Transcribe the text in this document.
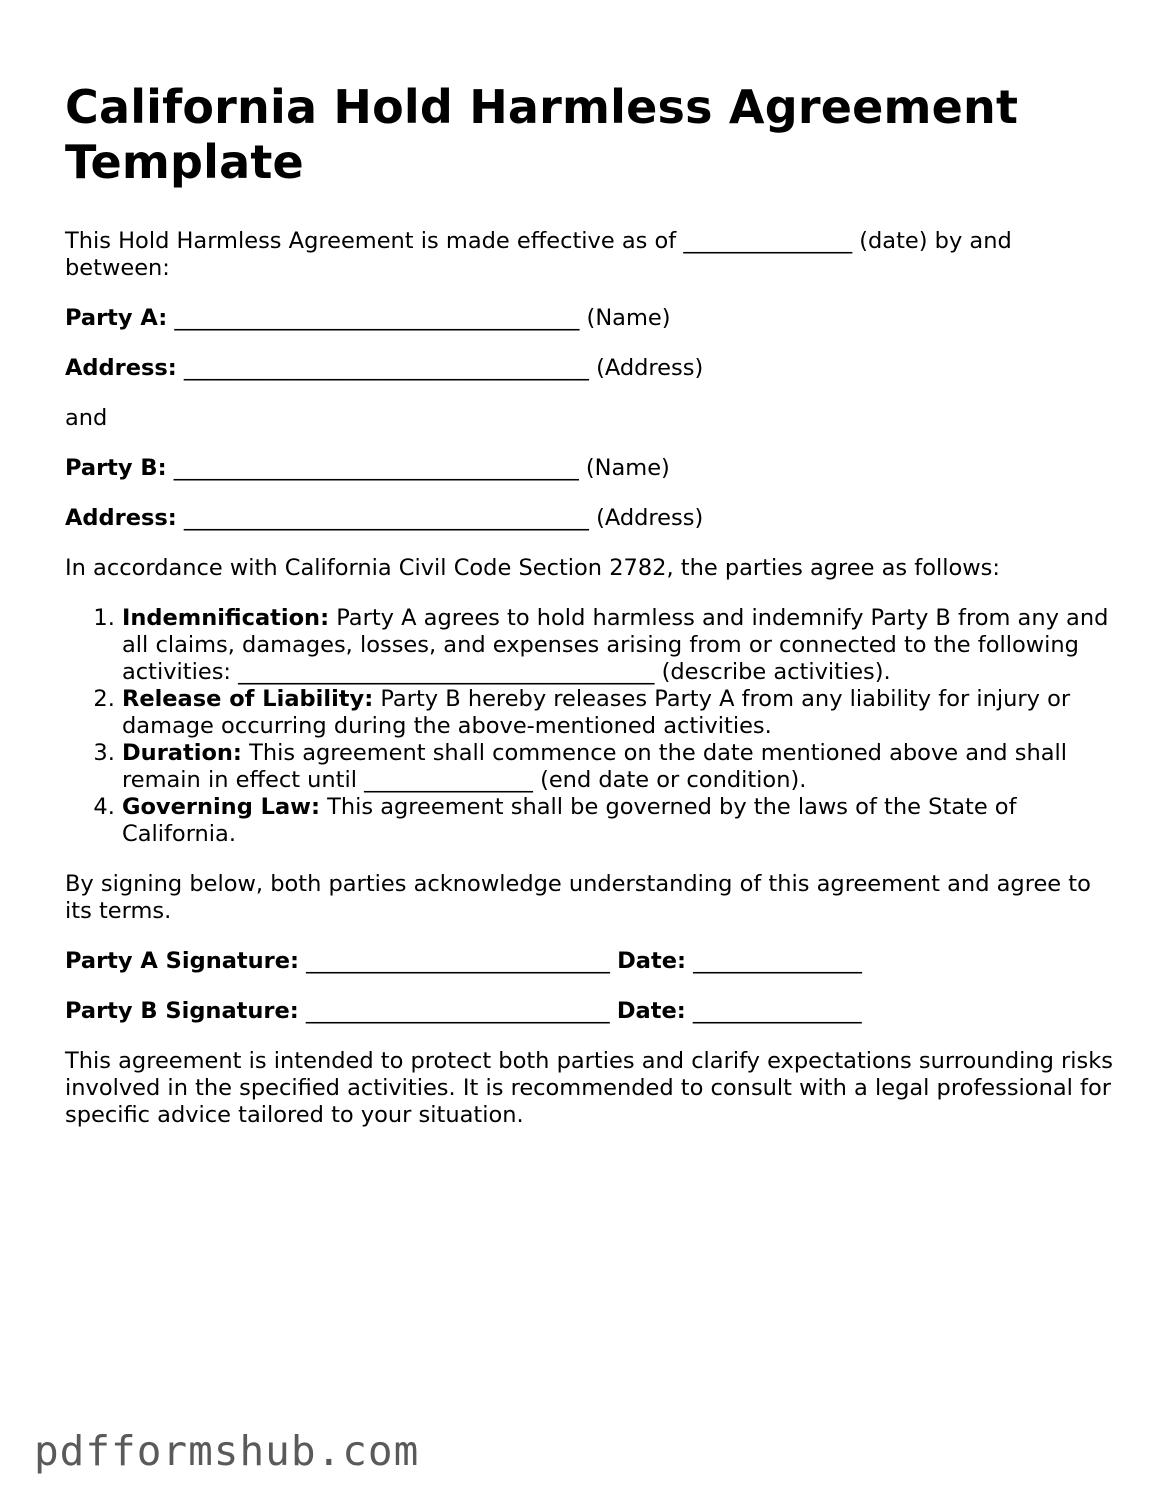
California Hold Harmless Agreement Template

This Hold Harmless Agreement is made effective as of _______________ (date) by and between:

Party A: ____________________________________ (Name)

Address: ____________________________________ (Address)

and

Party B: ____________________________________ (Name)

Address: ____________________________________ (Address)

In accordance with California Civil Code Section 2782, the parties agree as follows:

1. Indemnification: Party A agrees to hold harmless and indemnify Party B from any and all claims, damages, losses, and expenses arising from or connected to the following activities: _____________________________________ (describe activities).
2. Release of Liability: Party B hereby releases Party A from any liability for injury or damage occurring during the above-mentioned activities.
3. Duration: This agreement shall commence on the date mentioned above and shall remain in effect until _______________ (end date or condition).
4. Governing Law: This agreement shall be governed by the laws of the State of California.

By signing below, both parties acknowledge understanding of this agreement and agree to its terms.

Party A Signature: ___________________________ Date: _______________

Party B Signature: ___________________________ Date: _______________

This agreement is intended to protect both parties and clarify expectations surrounding risks involved in the specified activities. It is recommended to consult with a legal professional for specific advice tailored to your situation.

pdfformshub.com
